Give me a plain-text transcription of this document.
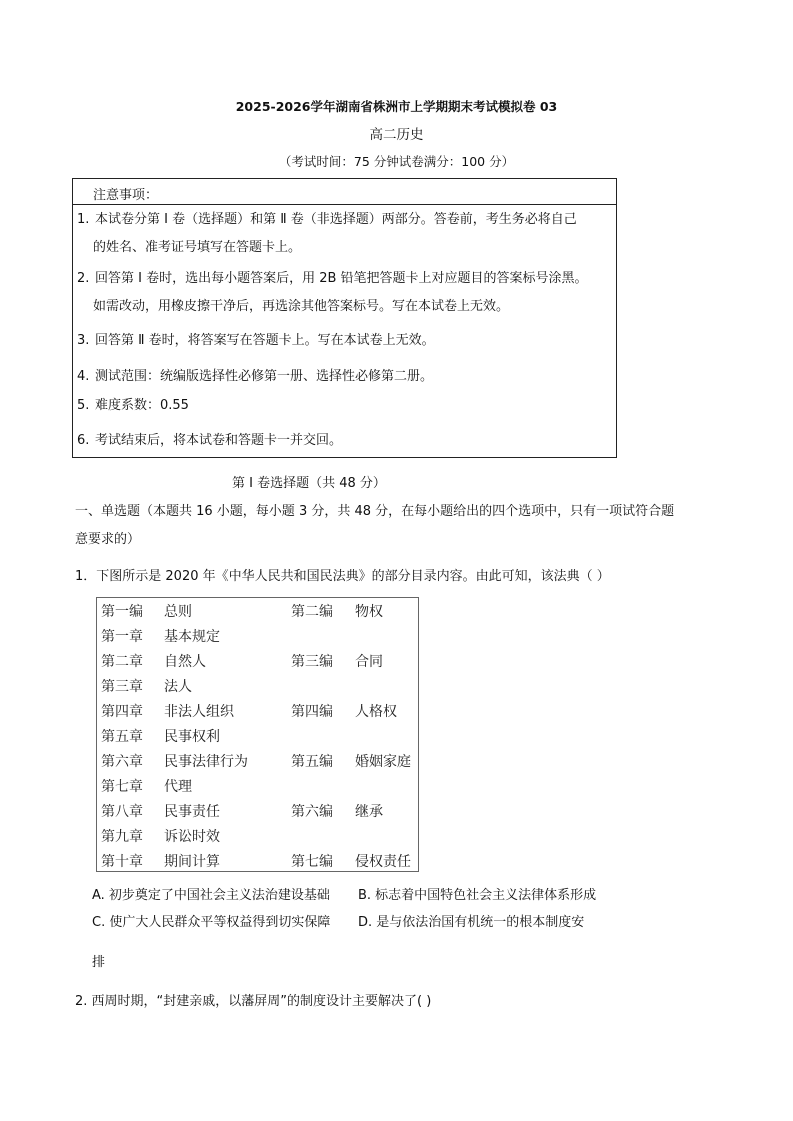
2025-2026学年湖南省株洲市上学期期末考试模拟卷 03
高二历史
（考试时间：75 分钟试卷满分：100 分）
注意事项：
1. 本试卷分第 Ⅰ 卷（选择题）和第 Ⅱ 卷（非选择题）两部分。答卷前，考生务必将自己
的姓名、准考证号填写在答题卡上。
2. 回答第 Ⅰ 卷时，选出每小题答案后，用 2B 铅笔把答题卡上对应题目的答案标号涂黑。
如需改动，用橡皮擦干净后，再选涂其他答案标号。写在本试卷上无效。
3. 回答第 Ⅱ 卷时，将答案写在答题卡上。写在本试卷上无效。
4. 测试范围：统编版选择性必修第一册、选择性必修第二册。
5. 难度系数：0.55
6. 考试结束后，将本试卷和答题卡一并交回。
第 Ⅰ 卷选择题（共 48 分）
一、单选题（本题共 16 小题，每小题 3 分，共 48 分，在每小题给出的四个选项中，只有一项试符合题
意要求的）
1．下图所示是 2020 年《中华人民共和国民法典》的部分目录内容。由此可知，该法典（ ）
第一编 总则	第二编 物权
第一章 基本规定
第二章 自然人	第三编 合同
第三章 法人
第四章 非法人组织	第四编 人格权
第五章 民事权利
第六章 民事法律行为	第五编 婚姻家庭
第七章 代理
第八章 民事责任	第六编 继承
第九章 诉讼时效
第十章 期间计算	第七编 侵权责任
A. 初步奠定了中国社会主义法治建设基础 B. 标志着中国特色社会主义法律体系形成
C. 使广大人民群众平等权益得到切实保障 D. 是与依法治国有机统一的根本制度安
排
2. 西周时期，“封建亲戚，以藩屏周”的制度设计主要解决了( )
